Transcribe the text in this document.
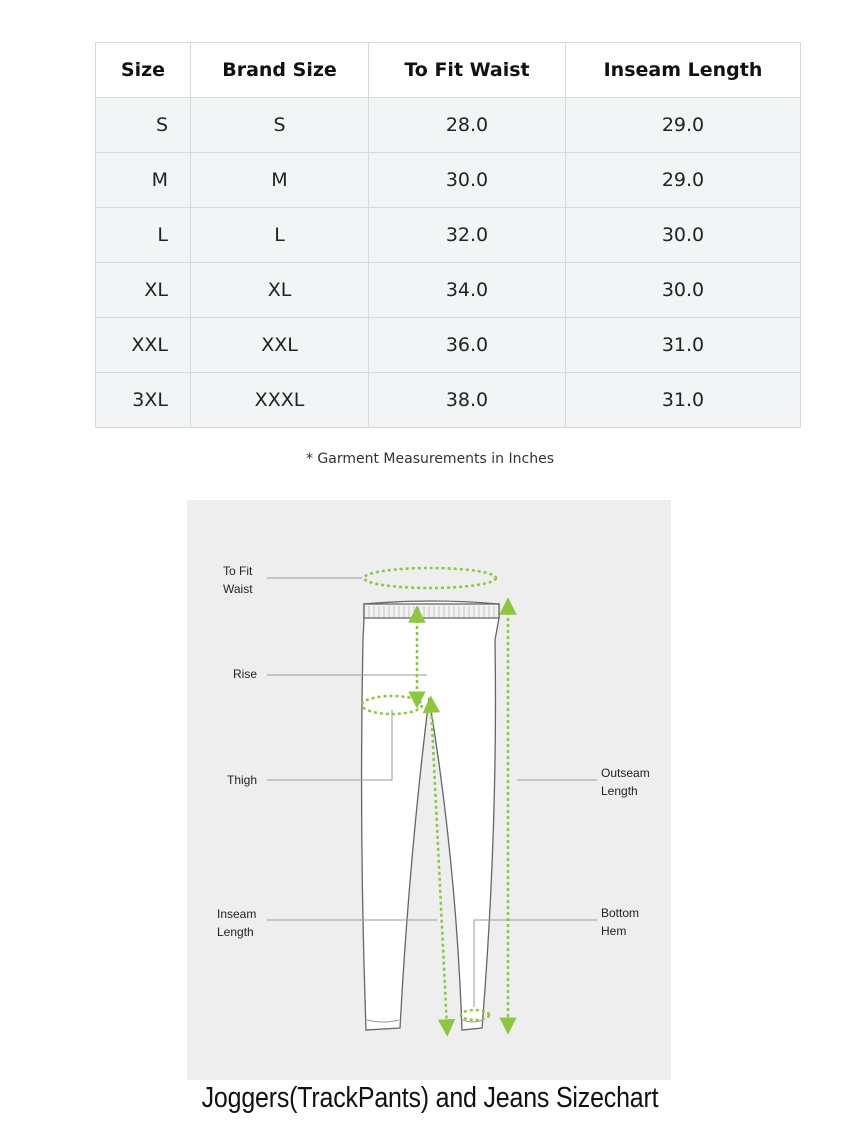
Size	Brand Size	To Fit Waist	Inseam Length
S	S	28.0	29.0
M	M	30.0	29.0
L	L	32.0	30.0
XL	XL	34.0	30.0
XXL	XXL	36.0	31.0
3XL	XXXL	38.0	31.0
* Garment Measurements in Inches
To Fit
Waist
Rise
Thigh
Inseam
Length
Outseam
Length
Bottom
Hem
Joggers(TrackPants) and Jeans Sizechart
